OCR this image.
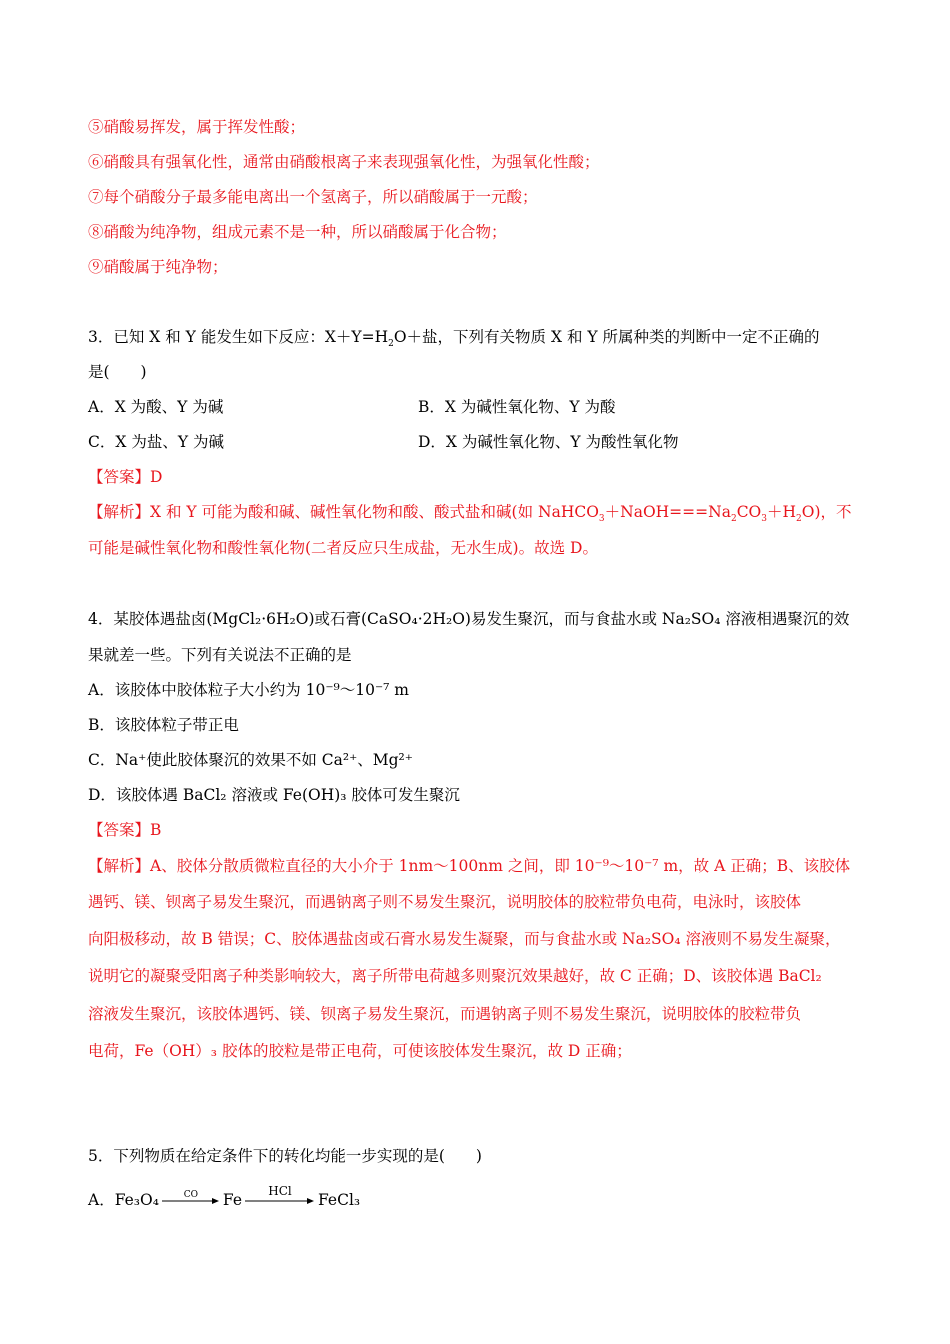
⑤硝酸易挥发，属于挥发性酸；
⑥硝酸具有强氧化性，通常由硝酸根离子来表现强氧化性，为强氧化性酸；
⑦每个硝酸分子最多能电离出一个氢离子，所以硝酸属于一元酸；
⑧硝酸为纯净物，组成元素不是一种，所以硝酸属于化合物；
⑨硝酸属于纯净物；
3．已知 X 和 Y 能发生如下反应：$X+Y=H_2O+$盐，下列有关物质 X 和 Y 所属种类的判断中一定不正确的
是(　　)
A．X 为酸、Y 为碱	B．X 为碱性氧化物、Y 为酸
C．X 为盐、Y 为碱	D．X 为碱性氧化物、Y 为酸性氧化物
【答案】D
【解析】X 和 Y 可能为酸和碱、碱性氧化物和酸、酸式盐和碱(如 $NaHCO_3+NaOH===Na_2CO_3+H_2O$)，不
可能是碱性氧化物和酸性氧化物(二者反应只生成盐，无水生成)。故选 D。
4．某胶体遇盐卤(MgCl₂·6H₂O)或石膏(CaSO₄·2H₂O)易发生聚沉，而与食盐水或 Na₂SO₄ 溶液相遇聚沉的效
果就差一些。下列有关说法不正确的是
A．该胶体中胶体粒子大小约为 10⁻⁹～10⁻⁷ m
B．该胶体粒子带正电
C．Na⁺使此胶体聚沉的效果不如 Ca²⁺、Mg²⁺
D．该胶体遇 BaCl₂ 溶液或 Fe(OH)₃ 胶体可发生聚沉
【答案】B
【解析】A、胶体分散质微粒直径的大小介于 1nm～100nm 之间，即 10⁻⁹～10⁻⁷ m，故 A 正确；B、该胶体
遇钙、镁、钡离子易发生聚沉，而遇钠离子则不易发生聚沉，说明胶体的胶粒带负电荷，电泳时，该胶体
向阳极移动，故 B 错误；C、胶体遇盐卤或石膏水易发生凝聚，而与食盐水或 Na₂SO₄ 溶液则不易发生凝聚，
说明它的凝聚受阳离子种类影响较大，离子所带电荷越多则聚沉效果越好，故 C 正确；D、该胶体遇 BaCl₂
溶液发生聚沉，该胶体遇钙、镁、钡离子易发生聚沉，而遇钠离子则不易发生聚沉，说明胶体的胶粒带负
电荷，Fe（OH）₃ 胶体的胶粒是带正电荷，可使该胶体发生聚沉，故 D 正确；
5．下列物质在给定条件下的转化均能一步实现的是(　　)
A．Fe₃O₄	CO	Fe	HCl	FeCl₃
